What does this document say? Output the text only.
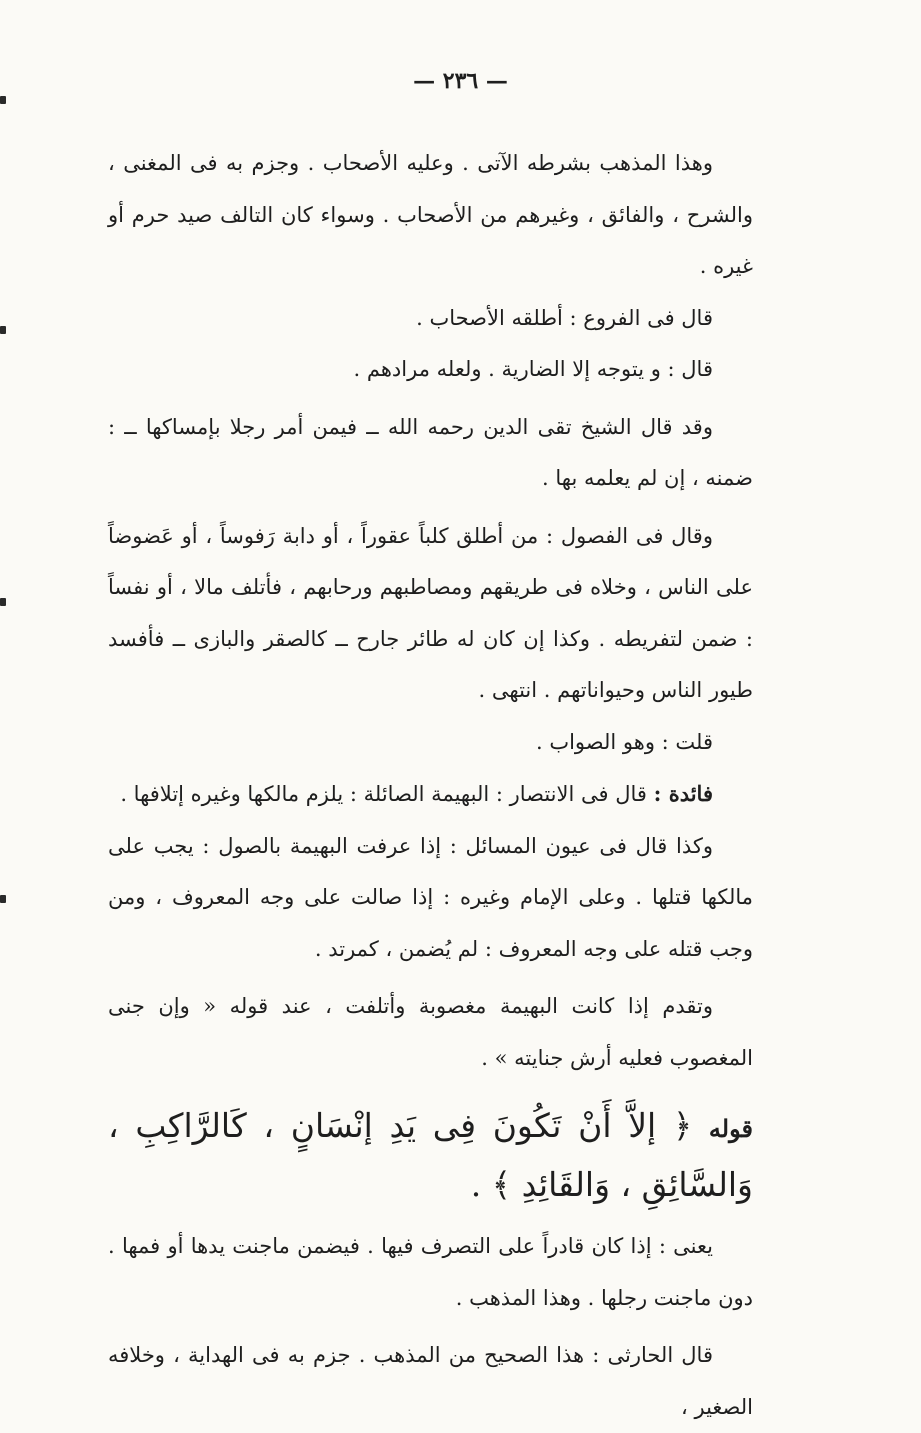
— ٢٣٦ —

وهذا المذهب بشرطه الآتى . وعليه الأصحاب . وجزم به فى المغنى ، والشرح ، والفائق ، وغيرهم من الأصحاب . وسواء كان التالف صيد حرم أو غيره .

قال فى الفروع : أطلقه الأصحاب .

قال : و يتوجه إلا الضارية . ولعله مرادهم .

وقد قال الشيخ تقى الدين رحمه الله ــ فيمن أمر رجلا بإمساكها ــ : ضمنه ، إن لم يعلمه بها .

وقال فى الفصول : من أطلق كلباً عقوراً ، أو دابة رَفوساً ، أو عَضوضاً على الناس ، وخلاه فى طريقهم ومصاطبهم ورحابهم ، فأتلف مالا ، أو نفساً : ضمن لتفريطه . وكذا إن كان له طائر جارح ــ كالصقر والبازى ــ فأفسد طيور الناس وحيواناتهم . انتهى .

قلت : وهو الصواب .

فائدة : قال فى الانتصار : البهيمة الصائلة : يلزم مالكها وغيره إتلافها .

وكذا قال فى عيون المسائل : إذا عرفت البهيمة بالصول : يجب على مالكها قتلها . وعلى الإمام وغيره : إذا صالت على وجه المعروف ، ومن وجب قتله على وجه المعروف : لم يُضمن ، كمرتد .

وتقدم إذا كانت البهيمة مغصوبة وأتلفت ، عند قوله « وإن جنى المغصوب فعليه أرش جنايته » .

قوله ﴿ إلاَّ أَنْ تَكُونَ فِى يَدِ إنْسَانٍ ، كَالرَّاكِبِ ، وَالسَّائِقِ ، وَالقَائِدِ ﴾ .

يعنى : إذا كان قادراً على التصرف فيها . فيضمن ماجنت يدها أو فمها . دون ماجنت رجلها . وهذا المذهب .

قال الحارثى : هذا الصحيح من المذهب . جزم به فى الهداية ، وخلافه الصغير ،
